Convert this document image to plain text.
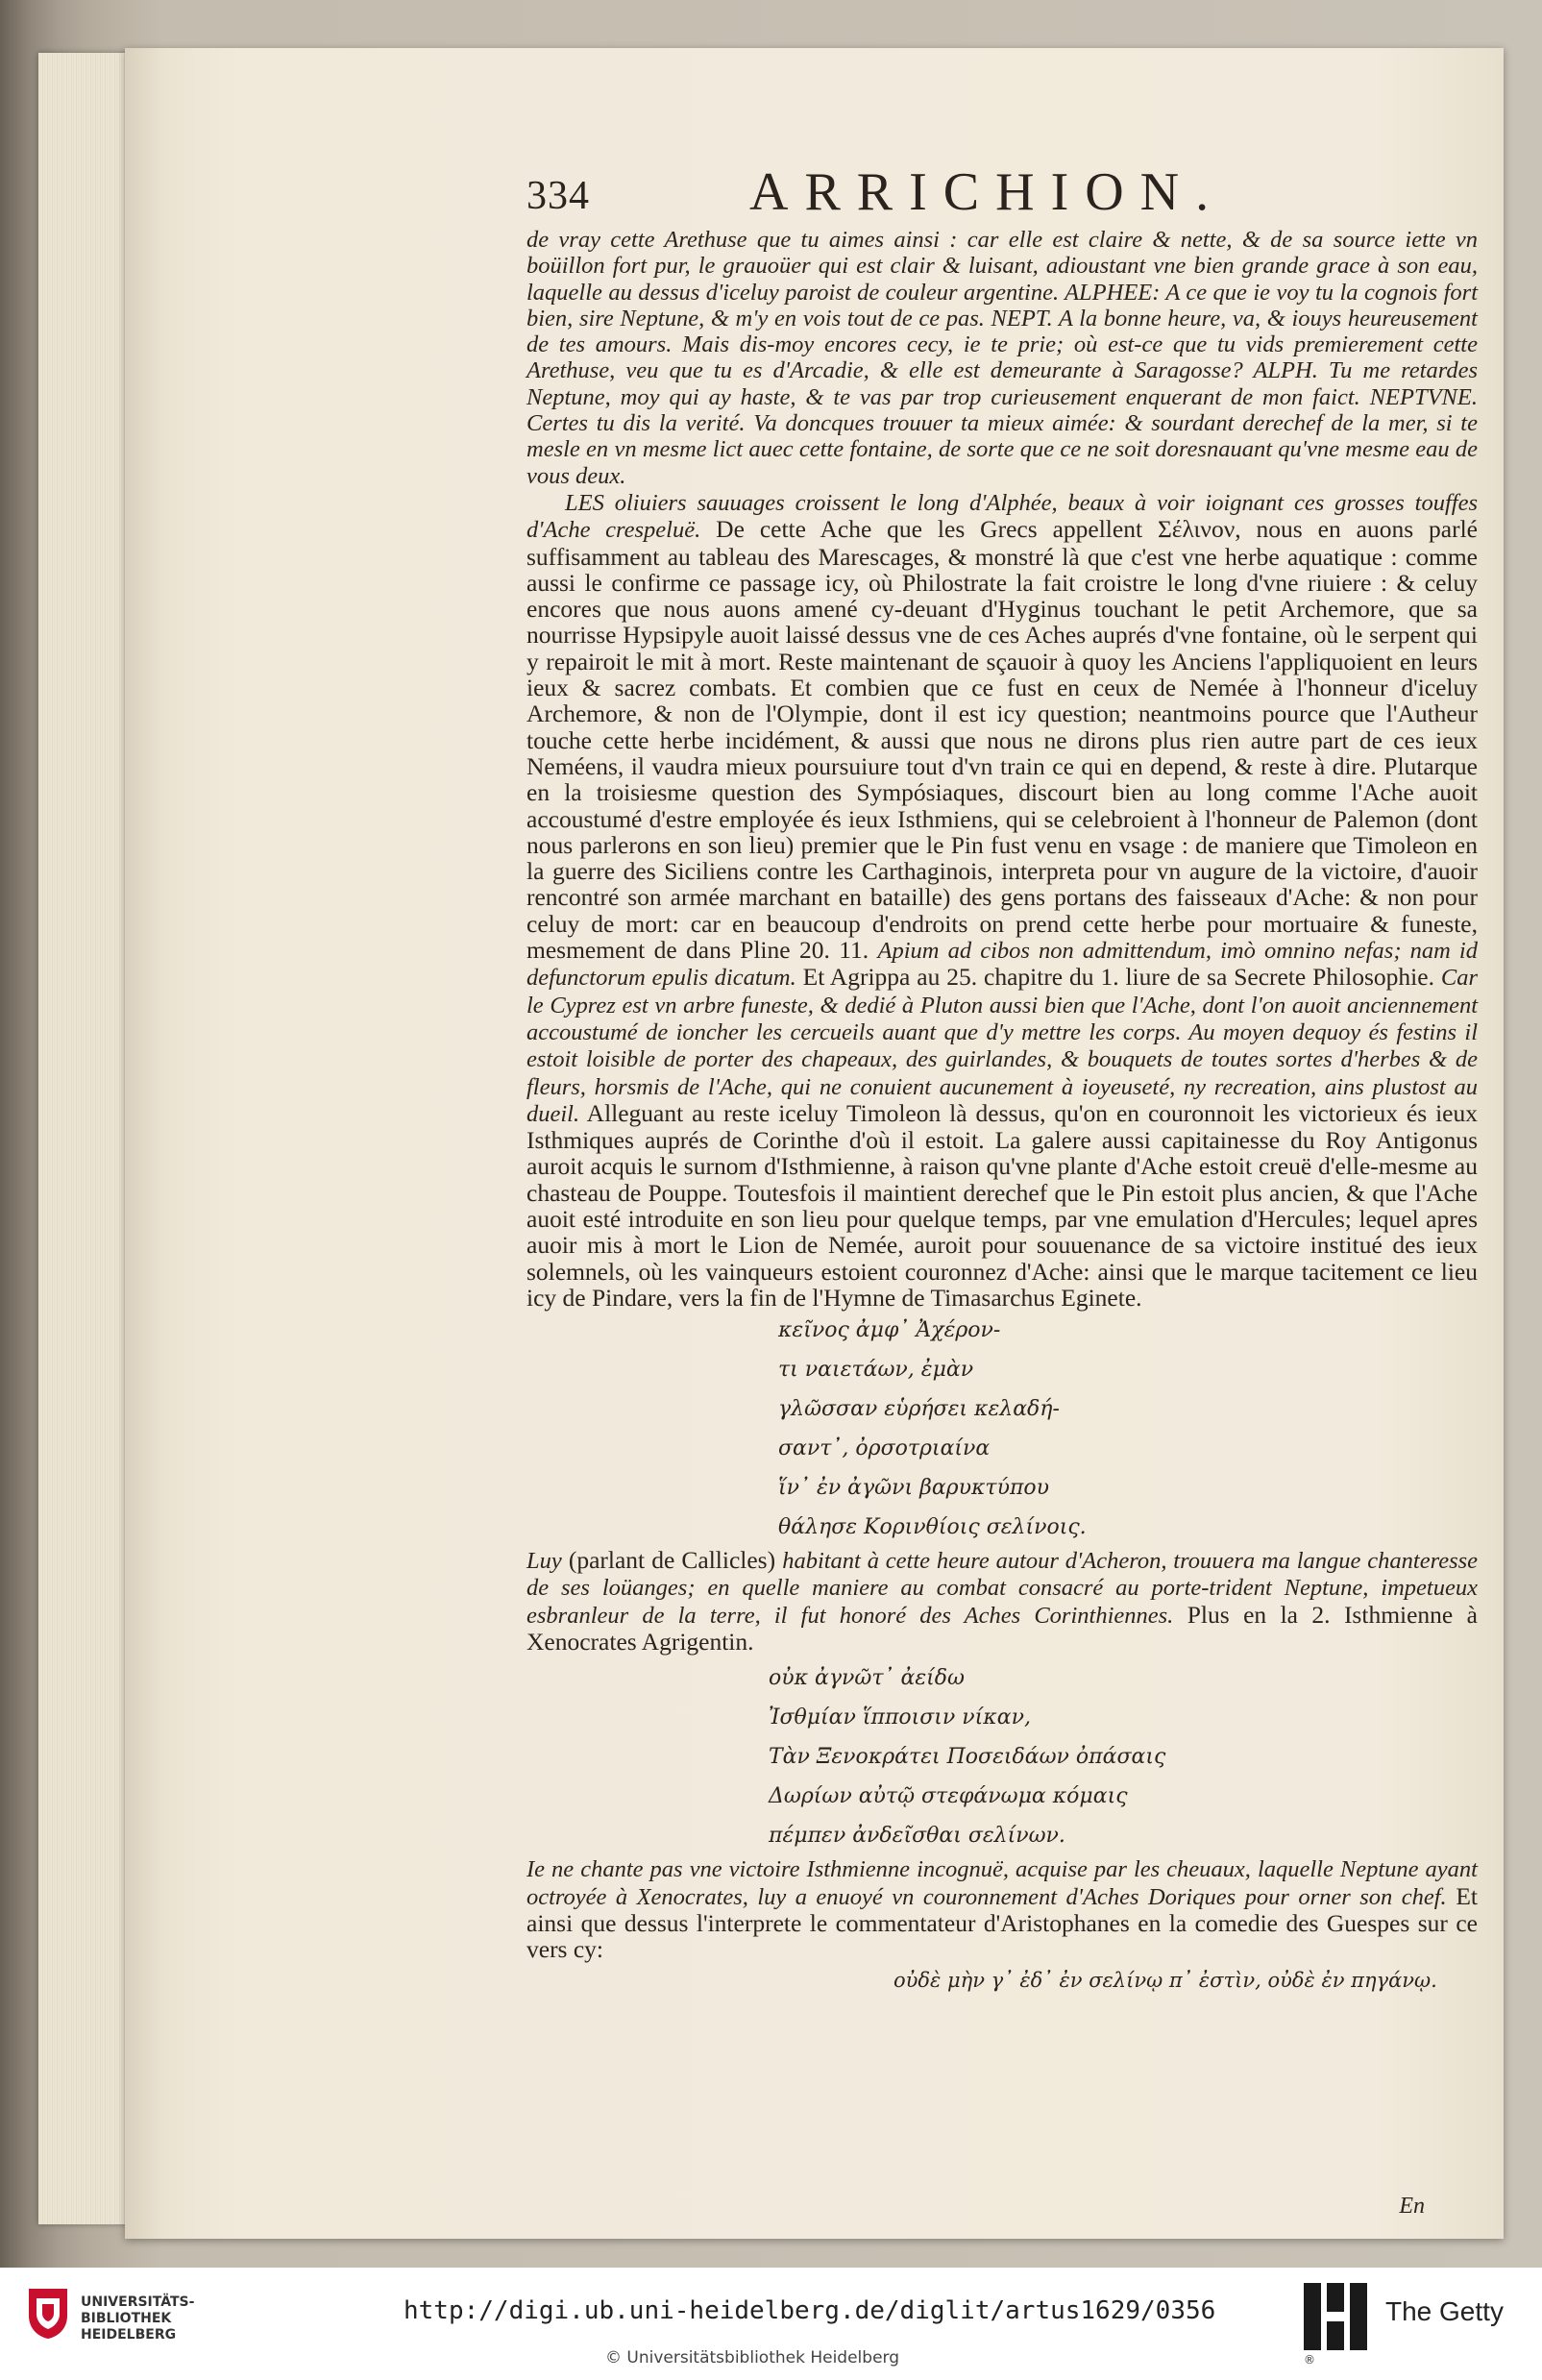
En
334	ARRICHION.

de vray cette Arethuse que tu aimes ainsi : car elle est claire & nette, & de sa source iette vn boüillon fort pur, le grauoüer qui est clair & luisant, adioustant vne bien grande grace à son eau, laquelle au dessus d'iceluy paroist de couleur argentine. ALPHEE: A ce que ie voy tu la cognois fort bien, sire Neptune, & m'y en vois tout de ce pas. NEPT. A la bonne heure, va, & iouys heureusement de tes amours. Mais dis-moy encores cecy, ie te prie; où est-ce que tu vids premierement cette Arethuse, veu que tu es d'Arcadie, & elle est demeurante à Saragosse? ALPH. Tu me retardes Neptune, moy qui ay haste, & te vas par trop curieusement enquerant de mon faict. NEPTVNE. Certes tu dis la verité. Va doncques trouuer ta mieux aimée: & sourdant derechef de la mer, si te mesle en vn mesme lict auec cette fontaine, de sorte que ce ne soit doresnauant qu'vne mesme eau de vous deux.

LES oliuiers sauuages croissent le long d'Alphée, beaux à voir ioignant ces grosses touffes d'Ache crespeluë. De cette Ache que les Grecs appellent Σέλινον, nous en auons parlé suffisamment au tableau des Marescages, & monstré là que c'est vne herbe aquatique : comme aussi le confirme ce passage icy, où Philostrate la fait croistre le long d'vne riuiere : & celuy encores que nous auons amené cy-deuant d'Hyginus touchant le petit Archemore, que sa nourrisse Hypsipyle auoit laissé dessus vne de ces Aches auprés d'vne fontaine, où le serpent qui y repairoit le mit à mort. Reste maintenant de sçauoir à quoy les Anciens l'appliquoient en leurs ieux & sacrez combats. Et combien que ce fust en ceux de Nemée à l'honneur d'iceluy Archemore, & non de l'Olympie, dont il est icy question; neantmoins pource que l'Autheur touche cette herbe incidément, & aussi que nous ne dirons plus rien autre part de ces ieux Neméens, il vaudra mieux poursuiure tout d'vn train ce qui en depend, & reste à dire. Plutarque en la troisiesme question des Sympósiaques, discourt bien au long comme l'Ache auoit accoustumé d'estre employée és ieux Isthmiens, qui se celebroient à l'honneur de Palemon (dont nous parlerons en son lieu) premier que le Pin fust venu en vsage : de maniere que Timoleon en la guerre des Siciliens contre les Carthaginois, interpreta pour vn augure de la victoire, d'auoir rencontré son armée marchant en bataille) des gens portans des faisseaux d'Ache: & non pour celuy de mort: car en beaucoup d'endroits on prend cette herbe pour mortuaire & funeste, mesmement de dans Pline 20. 11. Apium ad cibos non admittendum, imò omnino nefas; nam id defunctorum epulis dicatum. Et Agrippa au 25. chapitre du 1. liure de sa Secrete Philosophie. Car le Cyprez est vn arbre funeste, & dedié à Pluton aussi bien que l'Ache, dont l'on auoit anciennement accoustumé de ioncher les cercueils auant que d'y mettre les corps. Au moyen dequoy és festins il estoit loisible de porter des chapeaux, des guirlandes, & bouquets de toutes sortes d'herbes & de fleurs, horsmis de l'Ache, qui ne conuient aucunement à ioyeuseté, ny recreation, ains plustost au dueil. Alleguant au reste iceluy Timoleon là dessus, qu'on en couronnoit les victorieux és ieux Isthmiques auprés de Corinthe d'où il estoit. La galere aussi capitainesse du Roy Antigonus auroit acquis le surnom d'Isthmienne, à raison qu'vne plante d'Ache estoit creuë d'elle-mesme au chasteau de Pouppe. Toutesfois il maintient derechef que le Pin estoit plus ancien, & que l'Ache auoit esté introduite en son lieu pour quelque temps, par vne emulation d'Hercules; lequel apres auoir mis à mort le Lion de Nemée, auroit pour souuenance de sa victoire institué des ieux solemnels, où les vainqueurs estoient couronnez d'Ache: ainsi que le marque tacitement ce lieu icy de Pindare, vers la fin de l'Hymne de Timasarchus Eginete.

κεῖνος ἀμφ᾽ Ἀχέρον-
τι ναιετάων, ἐμὰν
γλῶσσαν εὑρήσει κελαδή-
σαντ᾽, ὀρσοτριαίνα
ἵν᾽ ἐν ἀγῶνι βαρυκτύπου
θάλησε Κορινθίοις σελίνοις.

Luy (parlant de Callicles) habitant à cette heure autour d'Acheron, trouuera ma langue chanteresse de ses loüanges; en quelle maniere au combat consacré au porte-trident Neptune, impetueux esbranleur de la terre, il fut honoré des Aches Corinthiennes. Plus en la 2. Isthmienne à Xenocrates Agrigentin.

οὐκ ἀγνῶτ᾽ ἀείδω
Ἰσθμίαν ἵπποισιν νίκαν,
Τὰν Ξενοκράτει Ποσειδάων ὀπάσαις
Δωρίων αὐτῷ στεφάνωμα κόμαις
πέμπεν ἀνδεῖσθαι σελίνων.

Ie ne chante pas vne victoire Isthmienne incognuë, acquise par les cheuaux, laquelle Neptune ayant octroyée à Xenocrates, luy a enuoyé vn couronnement d'Aches Doriques pour orner son chef. Et ainsi que dessus l'interprete le commentateur d'Aristophanes en la comedie des Guespes sur ce vers cy:

οὐδὲ μὴν γ᾽ ἐδ᾽ ἐν σελίνῳ π᾽ ἐστὶν, οὐδὲ ἐν πηγάνῳ.
UNIVERSITÄTS-
BIBLIOTHEK
HEIDELBERG
http://digi.ub.uni-heidelberg.de/diglit/artus1629/0356
© Universitätsbibliothek Heidelberg	®
The Getty
